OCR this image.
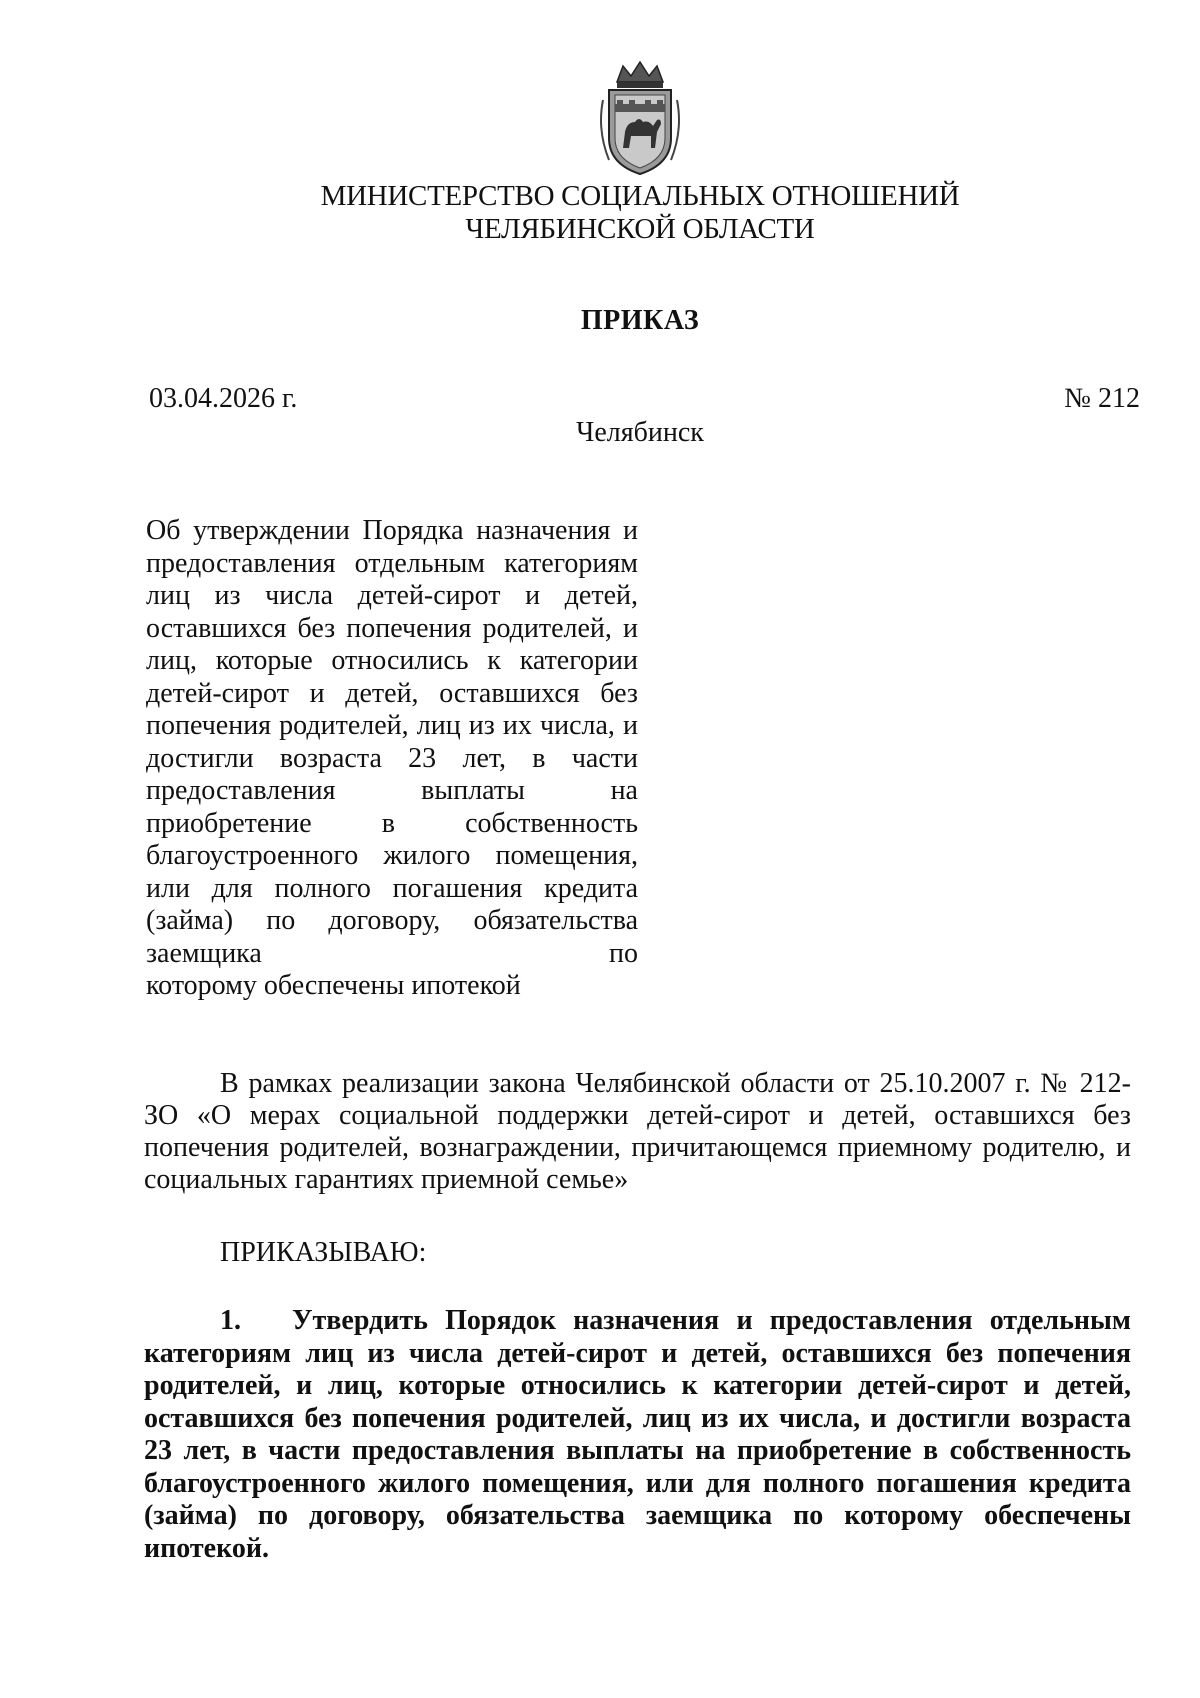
МИНИСТЕРСТВО СОЦИАЛЬНЫХ ОТНОШЕНИЙ
ЧЕЛЯБИНСКОЙ ОБЛАСТИ
ПРИКАЗ
03.04.2026 г.	№ 212
Челябинск
Об утверждении Порядка назначения и предоставления отдельным категориям лиц из числа детей-сирот и детей, оставшихся без попечения родителей, и лиц, которые относились к категории детей-сирот и детей, оставшихся без попечения родителей, лиц из их числа, и достигли возраста 23 лет, в части предоставления выплаты на приобретение в собственность благоустроенного жилого помещения, или для полного погашения кредита (займа) по договору, обязательства заемщика по
которому обеспечены ипотекой
В рамках реализации закона Челябинской области от 25.10.2007 г. № 212-ЗО «О мерах социальной поддержки детей-сирот и детей, оставшихся без попечения родителей, вознаграждении, причитающемся приемному родителю, и социальных гарантиях приемной семье»
ПРИКАЗЫВАЮ:
1. Утвердить Порядок назначения и предоставления отдельным категориям лиц из числа детей-сирот и детей, оставшихся без попечения родителей, и лиц, которые относились к категории детей-сирот и детей, оставшихся без попечения родителей, лиц из их числа, и достигли возраста 23 лет, в части предоставления выплаты на приобретение в собственность благоустроенного жилого помещения, или для полного погашения кредита (займа) по договору, обязательства заемщика по которому обеспечены ипотекой.
